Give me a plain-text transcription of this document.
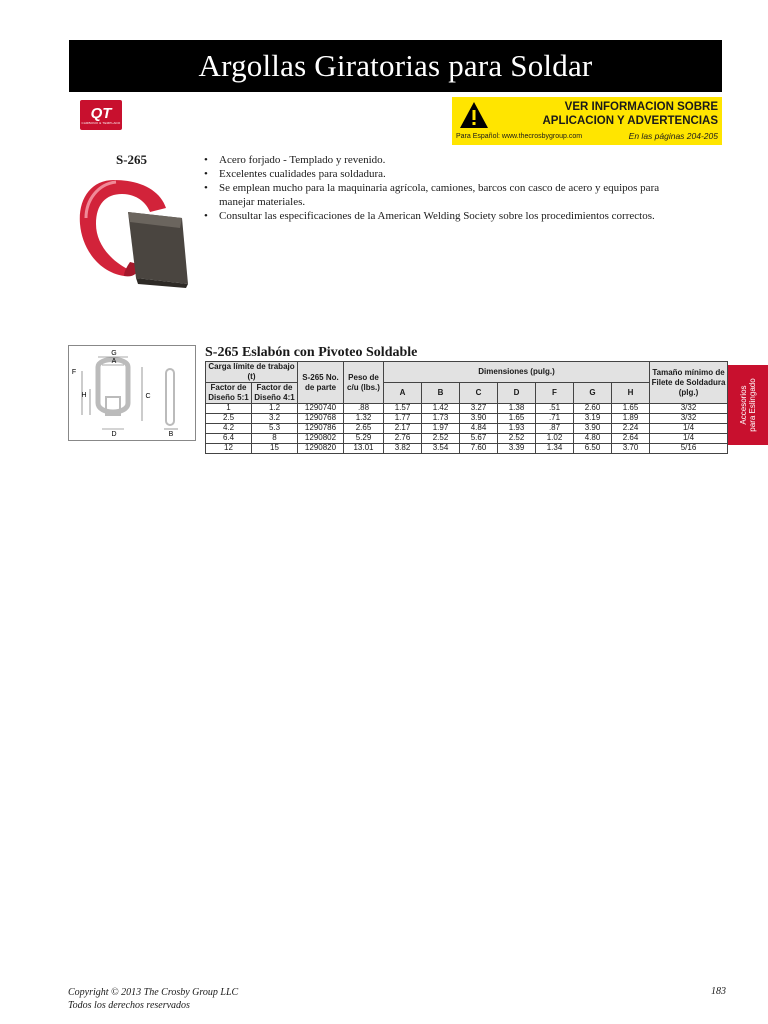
Argollas Giratorias para Soldar
QT
CARBONO & TEMPLADO
VER INFORMACION SOBRE
APLICACION Y ADVERTENCIAS
Para Español: www.thecrosbygroup.com	En las páginas 204-205
S-265	• Acero forjado - Templado y revenido.
• Excelentes cualidades para soldadura.
• Se emplean mucho para la maquinaria agrícola, camiones, barcos con casco de acero y equipos para manejar materiales.
• Consultar las especificaciones de la American Welding Society sobre los procedimientos correctos.
G
A
F
H	C
D	B
S-265 Eslabón con Pivoteo Soldable
Carga límite de trabajo (t)		S-265 No. de parte	Peso de c/u (lbs.)	Dimensiones (pulg.)							Tamaño mínimo de Filete de Soldadura (plg.)
Factor de Diseño 5:1	Factor de Diseño 4:1			A	B	C	D	F	G	H	
1	1.2	1290740	.88	1.57	1.42	3.27	1.38	.51	2.60	1.65	3/32
2.5	3.2	1290768	1.32	1.77	1.73	3.90	1.65	.71	3.19	1.89	3/32
4.2	5.3	1290786	2.65	2.17	1.97	4.84	1.93	.87	3.90	2.24	1/4
6.4	8	1290802	5.29	2.76	2.52	5.67	2.52	1.02	4.80	2.64	1/4
12	15	1290820	13.01	3.82	3.54	7.60	3.39	1.34	6.50	3.70	5/16
Accesorios para Eslingado
Copyright © 2013 The Crosby Group LLC
Todos los derechos reservados
183
